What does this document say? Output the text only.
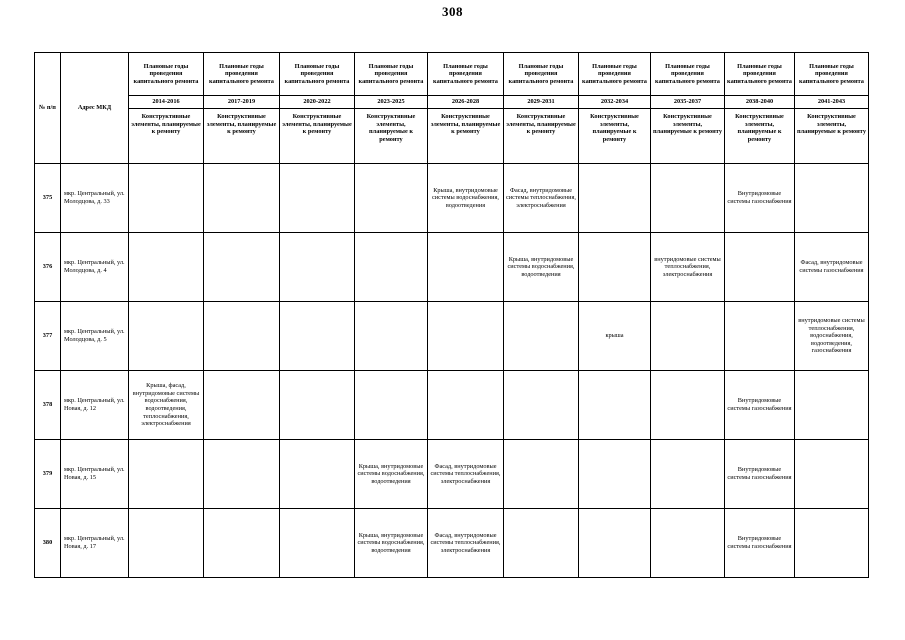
308
№ п/п	Адрес МКД	Плановые годы проведения капитального ремонта	Плановые годы проведения капитального ремонта	Плановые годы проведения капитального ремонта	Плановые годы проведения капитального ремонта	Плановые годы проведения капитального ремонта	Плановые годы проведения капитального ремонта	Плановые годы проведения капитального ремонта	Плановые годы проведения капитального ремонта	Плановые годы проведения капитального ремонта	Плановые годы проведения капитального ремонта
		2014-2016	2017-2019	2020-2022	2023-2025	2026-2028	2029-2031	2032-2034	2035-2037	2038-2040	2041-2043
		Конструктивные элементы, планируемые к ремонту	Конструктивные элементы, планируемые к ремонту	Конструктивные элементы, планируемые к ремонту	Конструктивные элементы, планируемые к ремонту	Конструктивные элементы, планируемые к ремонту	Конструктивные элементы, планируемые к ремонту	Конструктивные элементы, планируемые к ремонту	Конструктивные элементы, планируемые к ремонту	Конструктивные элементы, планируемые к ремонту	Конструктивные элементы, планируемые к ремонту
375	мкр. Центральный, ул. Молодцова, д. 33					Крыша, внутридомовые системы водоснабжения, водоотведения	Фасад, внутридомовые системы теплоснабжения, электроснабжения			Внутридомовые системы газоснабжения	
376	мкр. Центральный, ул. Молодцова, д. 4						Крыша, внутридомовые системы водоснабжения, водоотведения		внутридомовые системы теплоснабжения, электроснабжения		Фасад, внутридомовые системы газоснабжения
377	мкр. Центральный, ул. Молодцова, д. 5							крыша			внутридомовые системы теплоснабжения, водоснабжения, водоотведения, газоснабжения
378	мкр. Центральный, ул. Новая, д. 12	Крыша, фасад, внутридомовые системы водоснабжения, водоотведения, теплоснабжения, электроснабжения								Внутридомовые системы газоснабжения	
379	мкр. Центральный, ул. Новая, д. 15				Крыша, внутридомовые системы водоснабжения, водоотведения	Фасад, внутридомовые системы теплоснабжения, электроснабжения				Внутридомовые системы газоснабжения	
380	мкр. Центральный, ул. Новая, д. 17				Крыша, внутридомовые системы водоснабжения, водоотведения	Фасад, внутридомовые системы теплоснабжения, электроснабжения				Внутридомовые системы газоснабжения	
